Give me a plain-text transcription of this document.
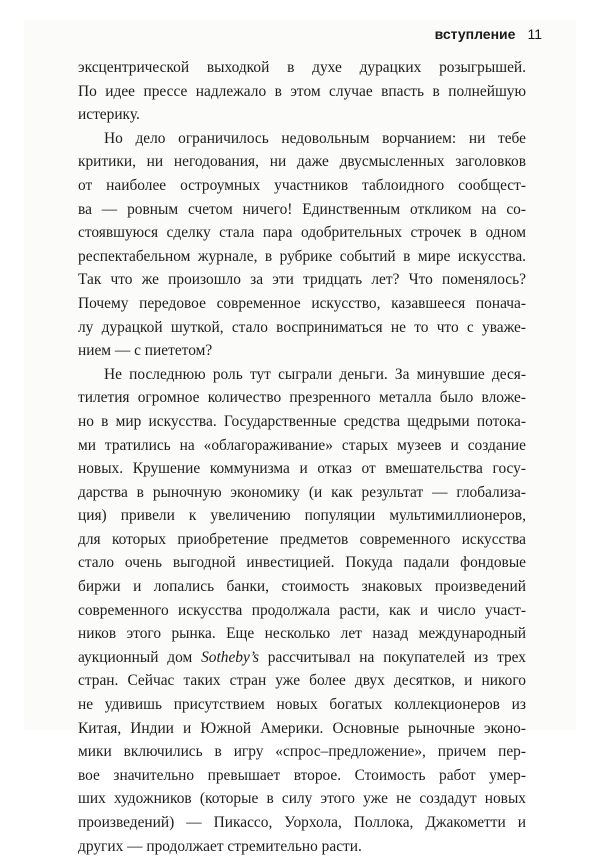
вступление 11
эксцентрической выходкой в духе дурацких розыгрышей.
По идее прессе надлежало в этом случае впасть в полнейшую
истерику.
Но дело ограничилось недовольным ворчанием: ни тебе
критики, ни негодования, ни даже двусмысленных заголовков
от наиболее остроумных участников таблоидного сообщест-
ва — ровным счетом ничего! Единственным откликом на со-
стоявшуюся сделку стала пара одобрительных строчек в одном
респектабельном журнале, в рубрике событий в мире искусства.
Так что же произошло за эти тридцать лет? Что поменялось?
Почему передовое современное искусство, казавшееся понача-
лу дурацкой шуткой, стало восприниматься не то что с уваже-
нием — с пиететом?
Не последнюю роль тут сыграли деньги. За минувшие деся-
тилетия огромное количество презренного металла было вложе-
но в мир искусства. Государственные средства щедрыми потока-
ми тратились на «облагораживание» старых музеев и создание
новых. Крушение коммунизма и отказ от вмешательства госу-
дарства в рыночную экономику (и как результат — глобализа-
ция) привели к увеличению популяции мультимиллионеров,
для которых приобретение предметов современного искусства
стало очень выгодной инвестицией. Покуда падали фондовые
биржи и лопались банки, стоимость знаковых произведений
современного искусства продолжала расти, как и число участ-
ников этого рынка. Еще несколько лет назад международный
аукционный дом Sotheby’s рассчитывал на покупателей из трех
стран. Сейчас таких стран уже более двух десятков, и никого
не удивишь присутствием новых богатых коллекционеров из
Китая, Индии и Южной Америки. Основные рыночные эконо-
мики включились в игру «спрос–предложение», причем пер-
вое значительно превышает второе. Стоимость работ умер-
ших художников (которые в силу этого уже не создадут новых
произведений) — Пикассо, Уорхола, Поллока, Джакометти и
других — продолжает стремительно расти.
